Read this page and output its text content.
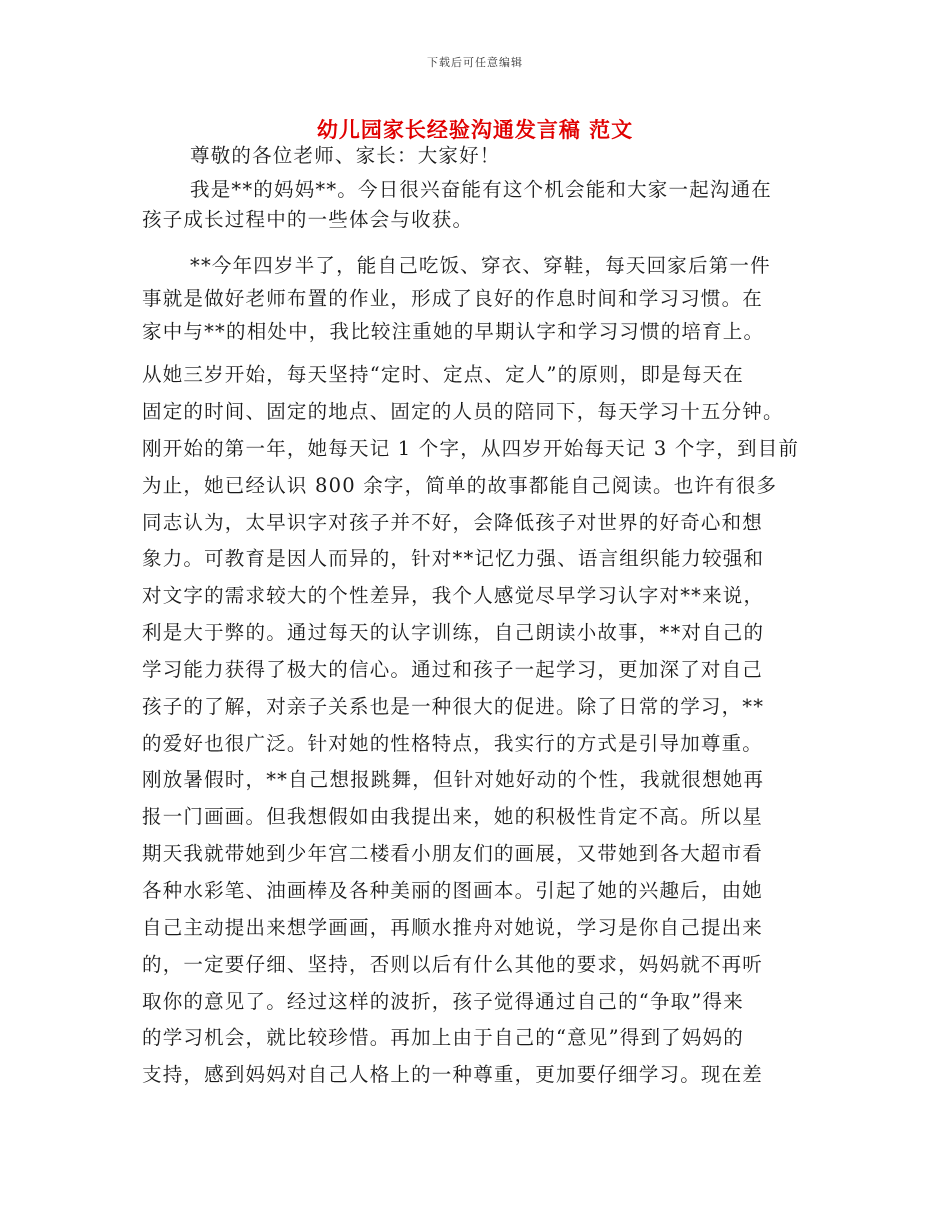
下载后可任意编辑
幼儿园家长经验沟通发言稿 范文
尊敬的各位老师、家长：大家好！
我是**的妈妈**。今日很兴奋能有这个机会能和大家一起沟通在
孩子成长过程中的一些体会与收获。
**今年四岁半了，能自己吃饭、穿衣、穿鞋，每天回家后第一件
事就是做好老师布置的作业，形成了良好的作息时间和学习习惯。在
家中与**的相处中，我比较注重她的早期认字和学习习惯的培育上。
从她三岁开始，每天坚持“定时、定点、定人”的原则，即是每天在
固定的时间、固定的地点、固定的人员的陪同下，每天学习十五分钟。
刚开始的第一年，她每天记 1 个字，从四岁开始每天记 3 个字，到目前
为止，她已经认识 800 余字，简单的故事都能自己阅读。也许有很多
同志认为，太早识字对孩子并不好，会降低孩子对世界的好奇心和想
象力。可教育是因人而异的，针对**记忆力强、语言组织能力较强和
对文字的需求较大的个性差异，我个人感觉尽早学习认字对**来说，
利是大于弊的。通过每天的认字训练，自己朗读小故事，**对自己的
学习能力获得了极大的信心。通过和孩子一起学习，更加深了对自己
孩子的了解，对亲子关系也是一种很大的促进。除了日常的学习，**
的爱好也很广泛。针对她的性格特点，我实行的方式是引导加尊重。
刚放暑假时，**自己想报跳舞，但针对她好动的个性，我就很想她再
报一门画画。但我想假如由我提出来，她的积极性肯定不高。所以星
期天我就带她到少年宫二楼看小朋友们的画展，又带她到各大超市看
各种水彩笔、油画棒及各种美丽的图画本。引起了她的兴趣后，由她
自己主动提出来想学画画，再顺水推舟对她说，学习是你自己提出来
的，一定要仔细、坚持，否则以后有什么其他的要求，妈妈就不再听
取你的意见了。经过这样的波折，孩子觉得通过自己的“争取”得来
的学习机会，就比较珍惜。再加上由于自己的“意见”得到了妈妈的
支持，感到妈妈对自己人格上的一种尊重，更加要仔细学习。现在差
